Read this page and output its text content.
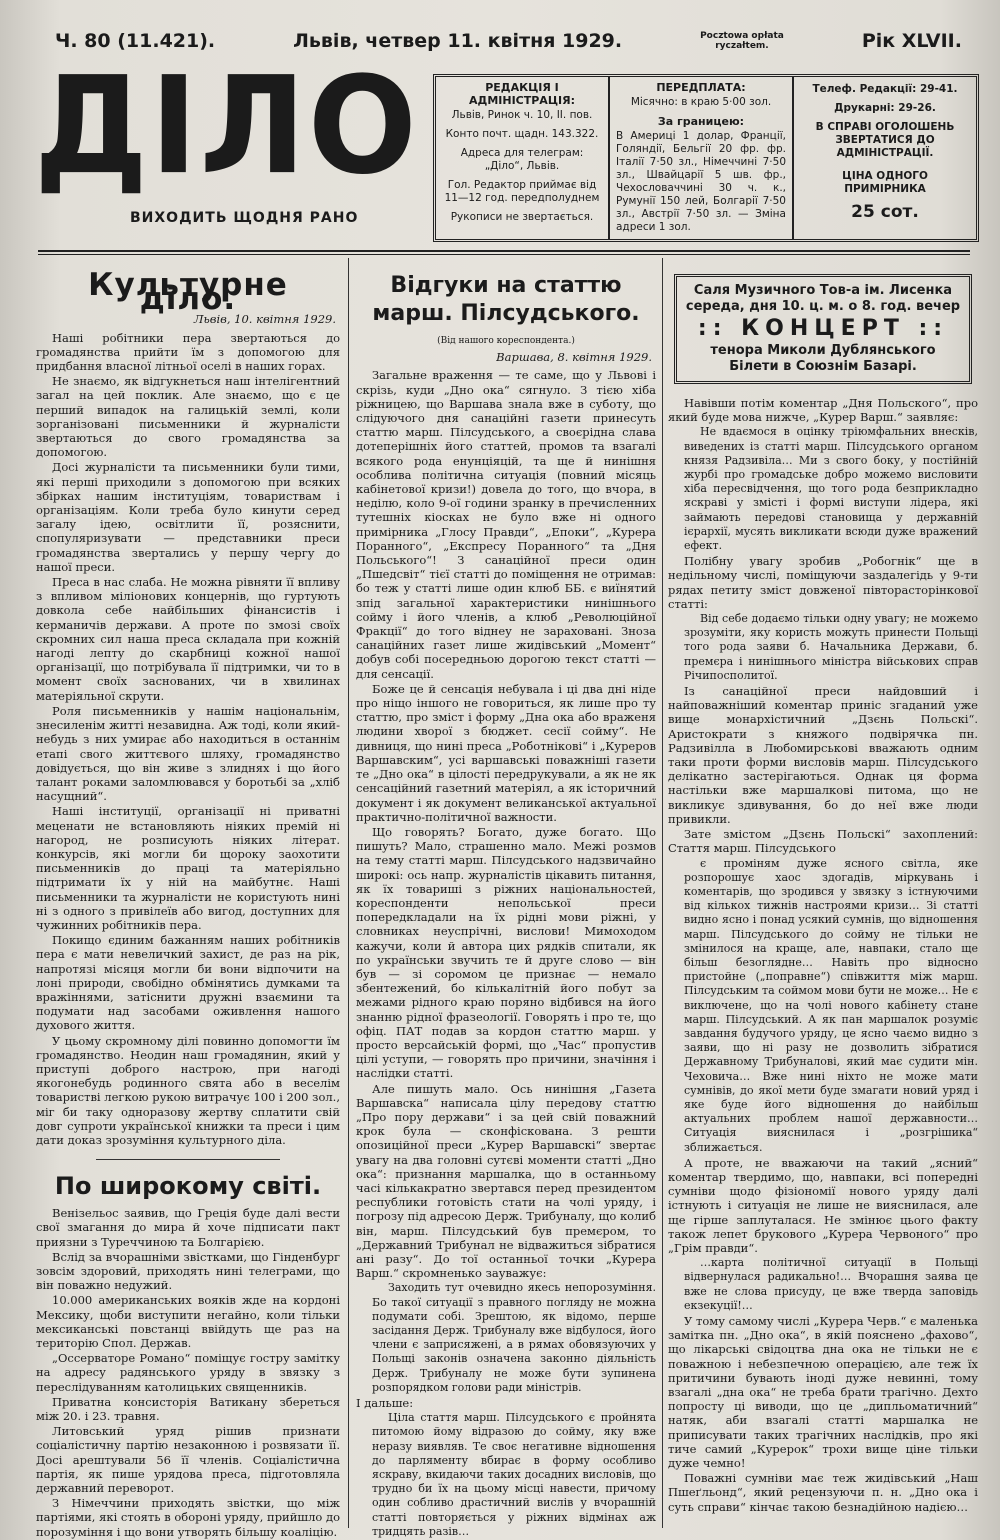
Ч. 80 (11.421).	Львів, четвер 11. квітня 1929.	Pocztowa opłata
ryczałtem.	Рік XLVII.
ДІЛО
ВИХОДИТЬ ЩОДНЯ РАНО
РЕДАКЦІЯ І АДМІНІСТРАЦІЯ:

Львів, Ринок ч. 10, II. пов.

Конто почт. щадн. 143.322.

Адреса для телеграм: „Діло“, Львів.

Гол. Редактор приймає від 11—12 год. передполуднем

Рукописи не звертається.

ПЕРЕДПЛАТА:

Місячно: в краю 5·00 зол.

За границею:

В Америці 1 долар, Франції, Голяндії, Бельгії 20 фр. фр. Італії 7·50 зл., Німеччині 7·50 зл., Швайцарії 5 шв. фр., Чехословаччині 30 ч. к., Румунії 150 лей, Болгарії 7·50 зл., Австрії 7·50 зл. — Зміна адреси 1 зол.

Телеф. Редакції: 29-41.

Друкарні: 29-26.

В СПРАВІ ОГОЛОШЕНЬ ЗВЕРТАТИСЯ ДО АДМІНІСТРАЦІЇ.

ЦІНА ОДНОГО ПРИМІРНИКА

25 сот.

Культурне діло.
Львів, 10. квітня 1929.

Наші робітники пера звертаються до громадянства прийти їм з допомогою для придбання власної літньої оселі в наших горах.

Не знаємо, як відгукнеться наш інтелігентний загал на цей поклик. Але знаємо, що є це перший випадок на галицькій землі, коли зорганізовані письменники й журналісти звертаються до свого громадянства за допомогою.

Досі журналісти та письменники були тими, які перші приходили з допомогою при всяких збірках нашим інституціям, товариствам і організаціям. Коли треба було кинути серед загалу ідею, освітлити її, розяснити, спопуляризувати — представники преси громадянства звертались у першу чергу до нашої преси.

Преса в нас слаба. Не можна рівняти її впливу з впливом міліонових концернів, що гуртують довкола себе найбільших фінансистів і керманичів держави. А проте по змозі своїх скромних сил наша преса складала при кожній нагоді лепту до скарбниці кожної нашої організації, що потрібувала її підтримки, чи то в момент своїх заснованих, чи в хвилинах матеріяльної скрути.

Роля письменників у нашім національнім, знесиленім житті незавидна. Аж тоді, коли який-небудь з них умирає або находиться в останнім етапі свого життєвого шляху, громадянство довідується, що він живе з злиднях і що його талант роками заломлювався у боротьбі за „хліб насущний“.

Наші інституції, організації ні приватні меценати не встановляють ніяких премій ні нагород, не розписують ніяких літерат. конкурсів, які могли би щороку заохотити письменників до праці та матеріяльно підтримати їх у ній на майбутнє. Наші письменники та журналісти не користують нині ні з одного з привілеїв або вигод, доступних для чужинних робітників пера.

Покищо єдиним бажанням наших робітників пера є мати невеличкий захист, де раз на рік, напротязі місяця могли би вони відпочити на лоні природи, свобідно обмінятись думками та вражіннями, затіснити дружні взаємини та подумати над засобами оживлення нашого духового життя.

У цьому скромному ділі повинно допомогти їм громадянство. Неодин наш громадянин, який у приступі доброго настрою, при нагоді якогонебудь родинного свята або в веселім товаристві легкою рукою витрачує 100 і 200 зол., міг би таку одноразову жертву сплатити свій довг супроти української книжки та преси і цим дати доказ зрозуміння культурного діла.

По широкому світі.

Венізельос заявив, що Греція буде далі вести свої змагання до мира й хоче підписати пакт приязни з Туреччиною та Болгарією.

Вслід за вчорашніми звістками, що Гінденбург зовсім здоровий, приходять нині телеграми, що він поважно недужий.

10.000 американських вояків жде на кордоні Мексику, щоби виступити негайно, коли тільки мексиканські повстанці ввійдуть ще раз на територію Спол. Держав.

„Оссерваторе Романо“ поміщує гостру замітку на адресу радянського уряду в звязку з переслідуванням католицьких священників.

Приватна консисторія Ватикану збереться між 20. і 23. травня.

Литовський уряд рішив признати соціалістичну партію незаконною і розвязати її. Досі арештували 56 її членів. Соціалістична партія, як пише урядова преса, підготовляла державний переворот.

З Німеччини приходять звістки, що між партіями, які стоять в обороні уряду, прийшло до порозуміння і що вони утворять більшу коаліцію.

Відгуки на статтю марш. Пілсудського.
(Від нашого кореспондента.)
Варшава, 8. квітня 1929.

Загальне враження — те саме, що у Львові і скрізь, куди „Дно ока“ сягнуло. З тією хіба ріжницею, що Варшава знала вже в суботу, що слідуючого дня санаційні газети принесуть статтю марш. Пілсудського, а своєрідна слава дотеперішніх його статтей, промов та взагалі всякого рода енунціяцій, та ще й нинішня особлива політична ситуація (повний місяць кабінетової кризи!) довела до того, що вчора, в неділю, коло 9-ої години зранку в пречисленних тутешніх кіосках не було вже ні одного примірника „Глосу Правди“, „Епоки“, „Курера Поранного“, „Експресу Поранного“ та „Дня Польського“! З санаційної преси один „Пшедсвіт“ тієї статті до поміщення не отримав: бо теж у статті лише один клюб ББ. є виїнятий зпід загальної характеристики нинішнього сойму і його членів, а клюб „Революційної Фракції“ до того віднеу не зараховані. Зноза санаційних газет лише жидівський „Момент“ добув собі посередньою дорогою текст статті — для сенсації.

Боже це й сенсація небувала і ці два дні ніде про ніщо іншого не говориться, як лише про ту статтю, про зміст і форму „Дна ока або враженя людини хворої з бюджет. сесії сойму“. Не дивниця, що нині преса „Роботнікові“ і „Куреров Варшавским“, усі варшавські поважніші газети те „Дно ока“ в цілості передрукували, а як не як сенсаційний газетний матеріял, а як історичний документ і як документ великанської актуальної практично-політичної важности.

Що говорять? Богато, дуже богато. Що пишуть? Мало, страшенно мало. Межі розмов на тему статті марш. Пілсудського надзвичайно широкі: ось напр. журналістів цікавить питання, як їх товариші з ріжних національностей, кореспонденти непольської преси попередкладали на їх рідні мови ріжні, у словниках неуспрічні, вислови! Мимоходом кажучи, коли й автора цих рядків спитали, як по українськи звучить те й друге слово — він був — зі соромом це признає — немало збентежений, бо кількалітній його побут за межами рідного краю поряно відбився на його знанню рідної фразеології. Говорять і про те, що офіц. ПАТ подав за кордон статтю марш. у просто версайській формі, що „Час“ пропустив цілі уступи, — говорять про причини, значіння і наслідки статті.

Але пишуть мало. Ось нинішня „Газета Варшавска“ написала цілу передову статтю „Про пору держави“ і за цей свій поважний крок була — сконфіскована. З решти опозиційної преси „Курер Варшавскі“ звертає увагу на два головні сутєві моменти статті „Дно ока“: признання маршалка, що в останньому часі кількакратно звертався перед президентом республики готовість стати на чолі уряду, і погрозу під адресою Держ. Трибуналу, що колиб він, марш. Пілсудський був премєром, то „Державний Трибунал не відважиться зібратися ані разу“. До тої останньої точки „Курера Варш.“ скромненько зауважує:

Заходить тут очевидно якесь непорозуміння. Бо такої ситуації з правного погляду не можна подумати собі. Зрештою, як відомо, перше засідання Держ. Трибуналу вже відбулося, його члени є заприсяжені, а в рямах обовязуючих у Польщі законів означена законно діяльність Держ. Трибуналу не може бути зупинена розпорядком голови ради міністрів.

І дальше:

Ціла стаття марш. Пілсудського є пройнята питомою йому відразою до сойму, яку вже неразу виявляв. Те своє негативне відношення до парляменту вбирає в форму особливо яскраву, вкидаючи таких досадних висловів, що трудно би їх на цьому місці навести, причому один собливо драстичний вислів у вчорашній статті повторяється у ріжних відмінах аж тридцять разів…

Саля Музичного Тов-а ім. Лисенка
середа, дня 10. ц. м. о 8. год. вечер
:: КОНЦЕРТ ::
тенора Миколи Дублянського
Білети в Союзнім Базарі.

Навівши потім коментар „Дня Польского“, про який буде мова нижче, „Курер Варш.“ заявляє:

Не вдаємося в оцінку тріюмфальних внесків, виведених із статті марш. Пілсудського органом князя Радзивіла… Ми з свого боку, у постійній журбі про громадське добро можемо висловити хіба пересвідчення, що того рода безприкладно яскраві у змісті і формі виступи лідера, які займають передові становища у державній ієрархії, мусять викликати всюди дуже вражений ефект.

Полібну увагу зробив „Робогнік“ ще в недільному числі, поміщуючи заздалегідь у 9-ти рядах петиту зміст довженої півтораcторінкової статті:

Від себе додаємо тільки одну увагу; не можемо зрозуміти, яку користь можуть принести Польщі того рода заяви б. Начальника Держави, б. премєра і нинішнього міністра військових справ Річипосполитої.

Із санаційної преси найдовший і найповажніший коментар приніс згаданий уже вище монархістичний „Дзєнь Польскі“. Аристократи з княжого подвірячка пн. Радзивілла в Любомирськові вважають одним таки проти форми висловів марш. Пілсудського делікатно застерігаються. Однак ця форма настільки вже маршалкові питома, що не викликує здивування, бо до неї вже люди привикли.

Зате змістом „Дзєнь Польскі“ захоплений: Стаття марш. Пілсудського

є проміням дуже ясного світла, яке розпорошує хаос здогадів, міркувань і коментарів, що зродився у звязку з істнуючими від кількох тижнів настроями кризи… Зі статті видно ясно і понад усякий сумнів, що відношення марш. Пілсудського до сойму не тільки не змінилося на краще, але, навпаки, стало ще більш безоглядне… Навіть про відносно пристойне („поправне“) співжиття між марш. Пілсудським та соймом мови бути не може… Не є виключене, що на чолі нового кабінету стане марш. Пілсудський. А як пан маршалок розуміє завдання будучого уряду, це ясно чаємо видно з заяви, що ні разу не дозволить зібратися Державному Трибуналові, який має судити мін. Чеховича… Вже нині ніхто не може мати сумнівів, до якої мети буде змагати новий уряд і яке буде його відношення до найбільш актуальних проблем нашої державности… Ситуація вияснилася і „розгрішика“ зближається.

А проте, не вважаючи на такий „ясний“ коментар твердимо, що, навпаки, всі попередні сумніви щодо фізіономії нового уряду далі істнують і ситуація не лише не вияснилася, але ще гірше заплуталася. Не змінює цього факту також лепет брукового „Курера Червоного“ про „Грім правди“.

…карта політичної ситуації в Польщі відвернулася радикально!… Вчорашня заява це вже не слова присуду, це вже тверда заповідь екзекуції!…

У тому самому числі „Курера Черв.“ є маленька замітка пн. „Дно ока“, в якій пояснено „фахово“, що лікарські свідоцтва дна ока не тільки не є поважною і небезпечною операцією, але теж їх притичини бувають іноді дуже невинні, тому взагалі „дна ока“ не треба брати трагічно. Дехто попросту ці виводи, що це „дипльоматичний“ натяк, аби взагалі статті маршалка не приписувати таких трагічних наслідків, про які тиче самий „Курерок“ трохи вище ціне тільки дуже чемно!

Поважні сумніви має теж жидівський „Наш Пшеґльонд“, який рецензуючи п. н. „Дно ока і суть справи“ кінчає такою безнадійною надією…
